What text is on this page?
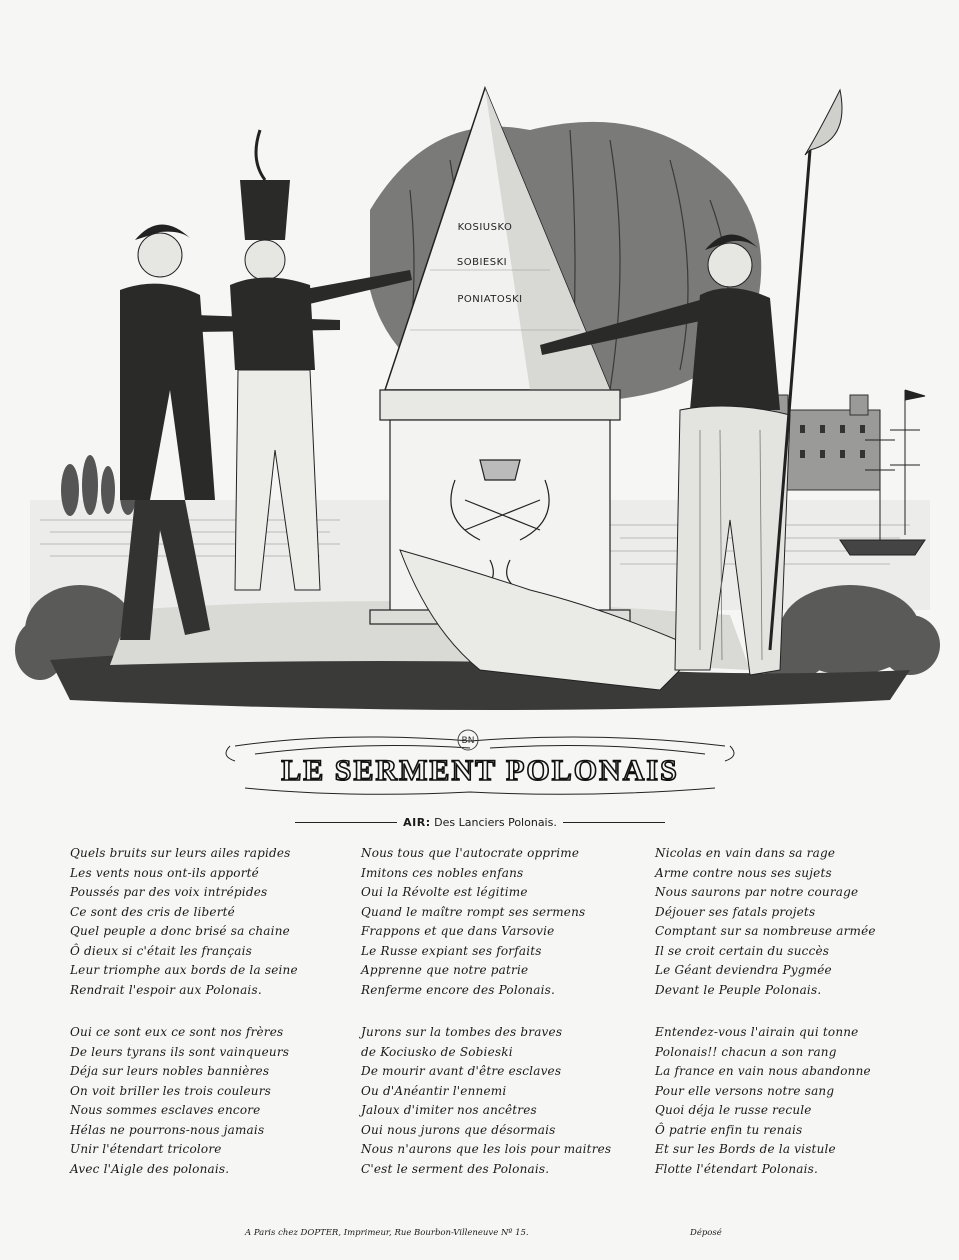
KOSIUSKO
SOBIESKI
PONIATOSKI
BN
LE SERMENT POLONAIS
AIR: Des Lanciers Polonais.
Quels bruits sur leurs ailes rapides
Les vents nous ont-ils apporté
Poussés par des voix intrépides
Ce sont des cris de liberté
Quel peuple a donc brisé sa chaine
Ô dieux si c'était les français
Leur triomphe aux bords de la seine
Rendrait l'espoir aux Polonais.
Oui ce sont eux ce sont nos frères
De leurs tyrans ils sont vainqueurs
Déja sur leurs nobles bannières
On voit briller les trois couleurs
Nous sommes esclaves encore
Hélas ne pourrons-nous jamais
Unir l'étendart tricolore
Avec l'Aigle des polonais.
Nous tous que l'autocrate opprime
Imitons ces nobles enfans
Oui la Révolte est légitime
Quand le maître rompt ses sermens
Frappons et que dans Varsovie
Le Russe expiant ses forfaits
Apprenne que notre patrie
Renferme encore des Polonais.
Jurons sur la tombes des braves
de Kociusko de Sobieski
De mourir avant d'être esclaves
Ou d'Anéantir l'ennemi
Jaloux d'imiter nos ancêtres
Oui nous jurons que désormais
Nous n'aurons que les lois pour maitres
C'est le serment des Polonais.
Nicolas en vain dans sa rage
Arme contre nous ses sujets
Nous saurons par notre courage
Déjouer ses fatals projets
Comptant sur sa nombreuse armée
Il se croit certain du succès
Le Géant deviendra Pygmée
Devant le Peuple Polonais.
Entendez-vous l'airain qui tonne
Polonais!! chacun a son rang
La france en vain nous abandonne
Pour elle versons notre sang
Quoi déja le russe recule
Ô patrie enfin tu renais
Et sur les Bords de la vistule
Flotte l'étendart Polonais.
A Paris chez DOPTER, Imprimeur, Rue Bourbon-Villeneuve Nº 15.	Déposé
